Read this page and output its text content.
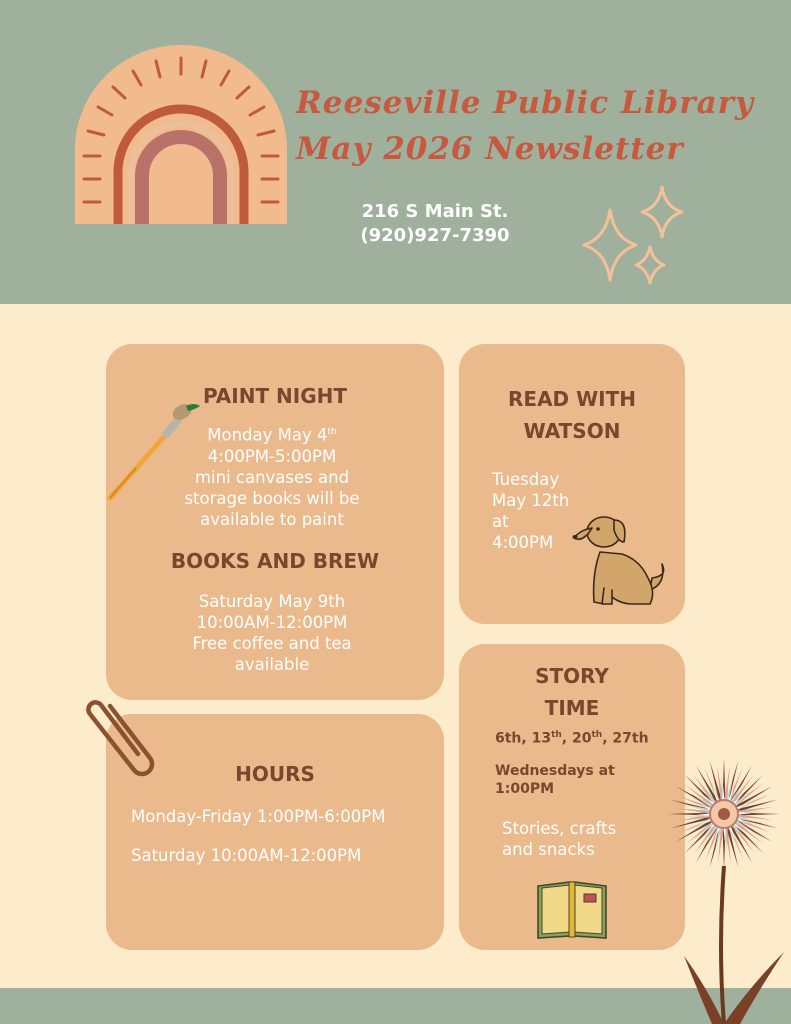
Reeseville Public Library
May 2026 Newsletter
216 S Main St.
(920)927-7390
PAINT NIGHT
Monday May 4th
4:00PM-5:00PM
mini canvases and
storage books will be
available to paint
BOOKS AND BREW
Saturday May 9th
10:00AM-12:00PM
Free coffee and tea
available
READ WITH
WATSON
Tuesday
May 12th
at
4:00PM
STORY
TIME
6th, 13th, 20th, 27th
Wednesdays at
1:00PM
Stories, crafts
and snacks
HOURS
Monday-Friday 1:00PM-6:00PM
Saturday 10:00AM-12:00PM
